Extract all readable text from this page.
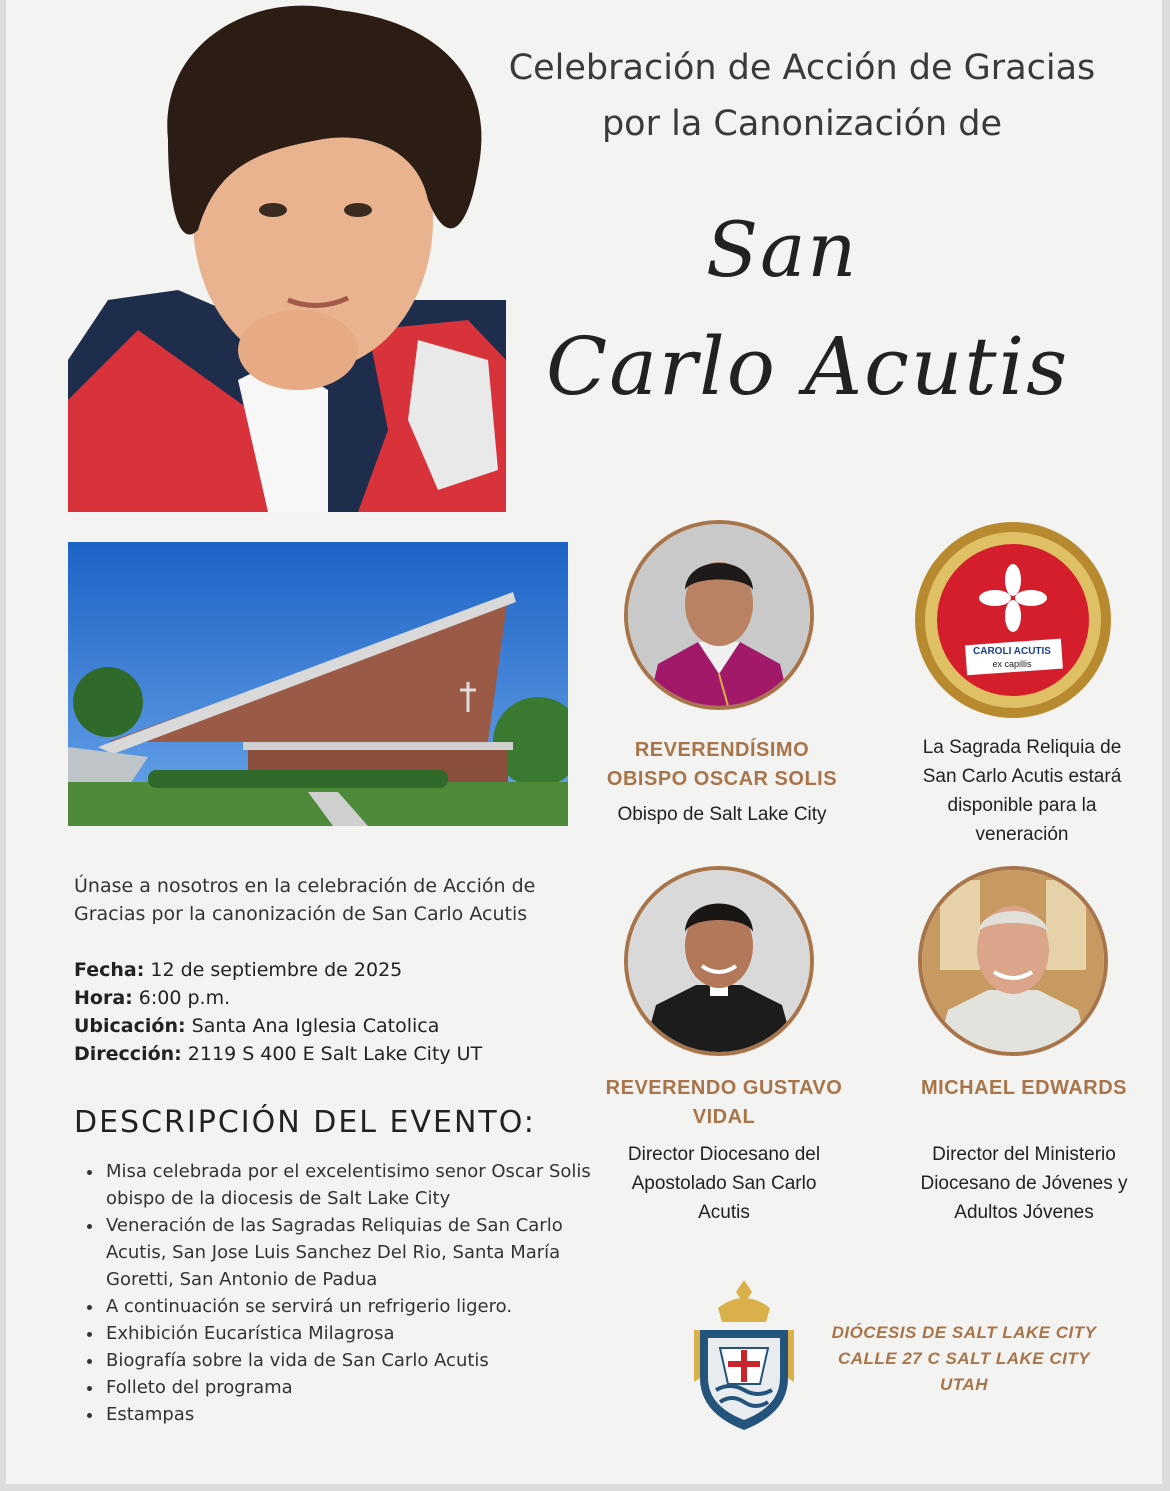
Celebración de Acción de Gracias
por la Canonización de
San
Carlo Acutis
REVERENDÍSIMO
OBISPO OSCAR SOLIS
Obispo de Salt Lake City
CAROLI ACUTIS
ex capillis
La Sagrada Reliquia de
San Carlo Acutis estará
disponible para la
veneración
REVERENDO GUSTAVO
VIDAL
Director Diocesano del
Apostolado San Carlo
Acutis
MICHAEL EDWARDS
Director del Ministerio
Diocesano de Jóvenes y
Adultos Jóvenes
Únase a nosotros en la celebración de Acción de
Gracias por la canonización de San Carlo Acutis
Fecha: 12 de septiembre de 2025
Hora: 6:00 p.m.
Ubicación: Santa Ana Iglesia Catolica
Dirección: 2119 S 400 E Salt Lake City UT
DESCRIPCIÓN DEL EVENTO:
• Misa celebrada por el excelentisimo senor Oscar Solis obispo de la diocesis de Salt Lake City
• Veneración de las Sagradas Reliquias de San Carlo Acutis, San Jose Luis Sanchez Del Rio, Santa María Goretti, San Antonio de Padua
• A continuación se servirá un refrigerio ligero.
• Exhibición Eucarística Milagrosa
• Biografía sobre la vida de San Carlo Acutis
• Folleto del programa
• Estampas
DIÓCESIS DE SALT LAKE CITY
CALLE 27 C SALT LAKE CITY
UTAH
